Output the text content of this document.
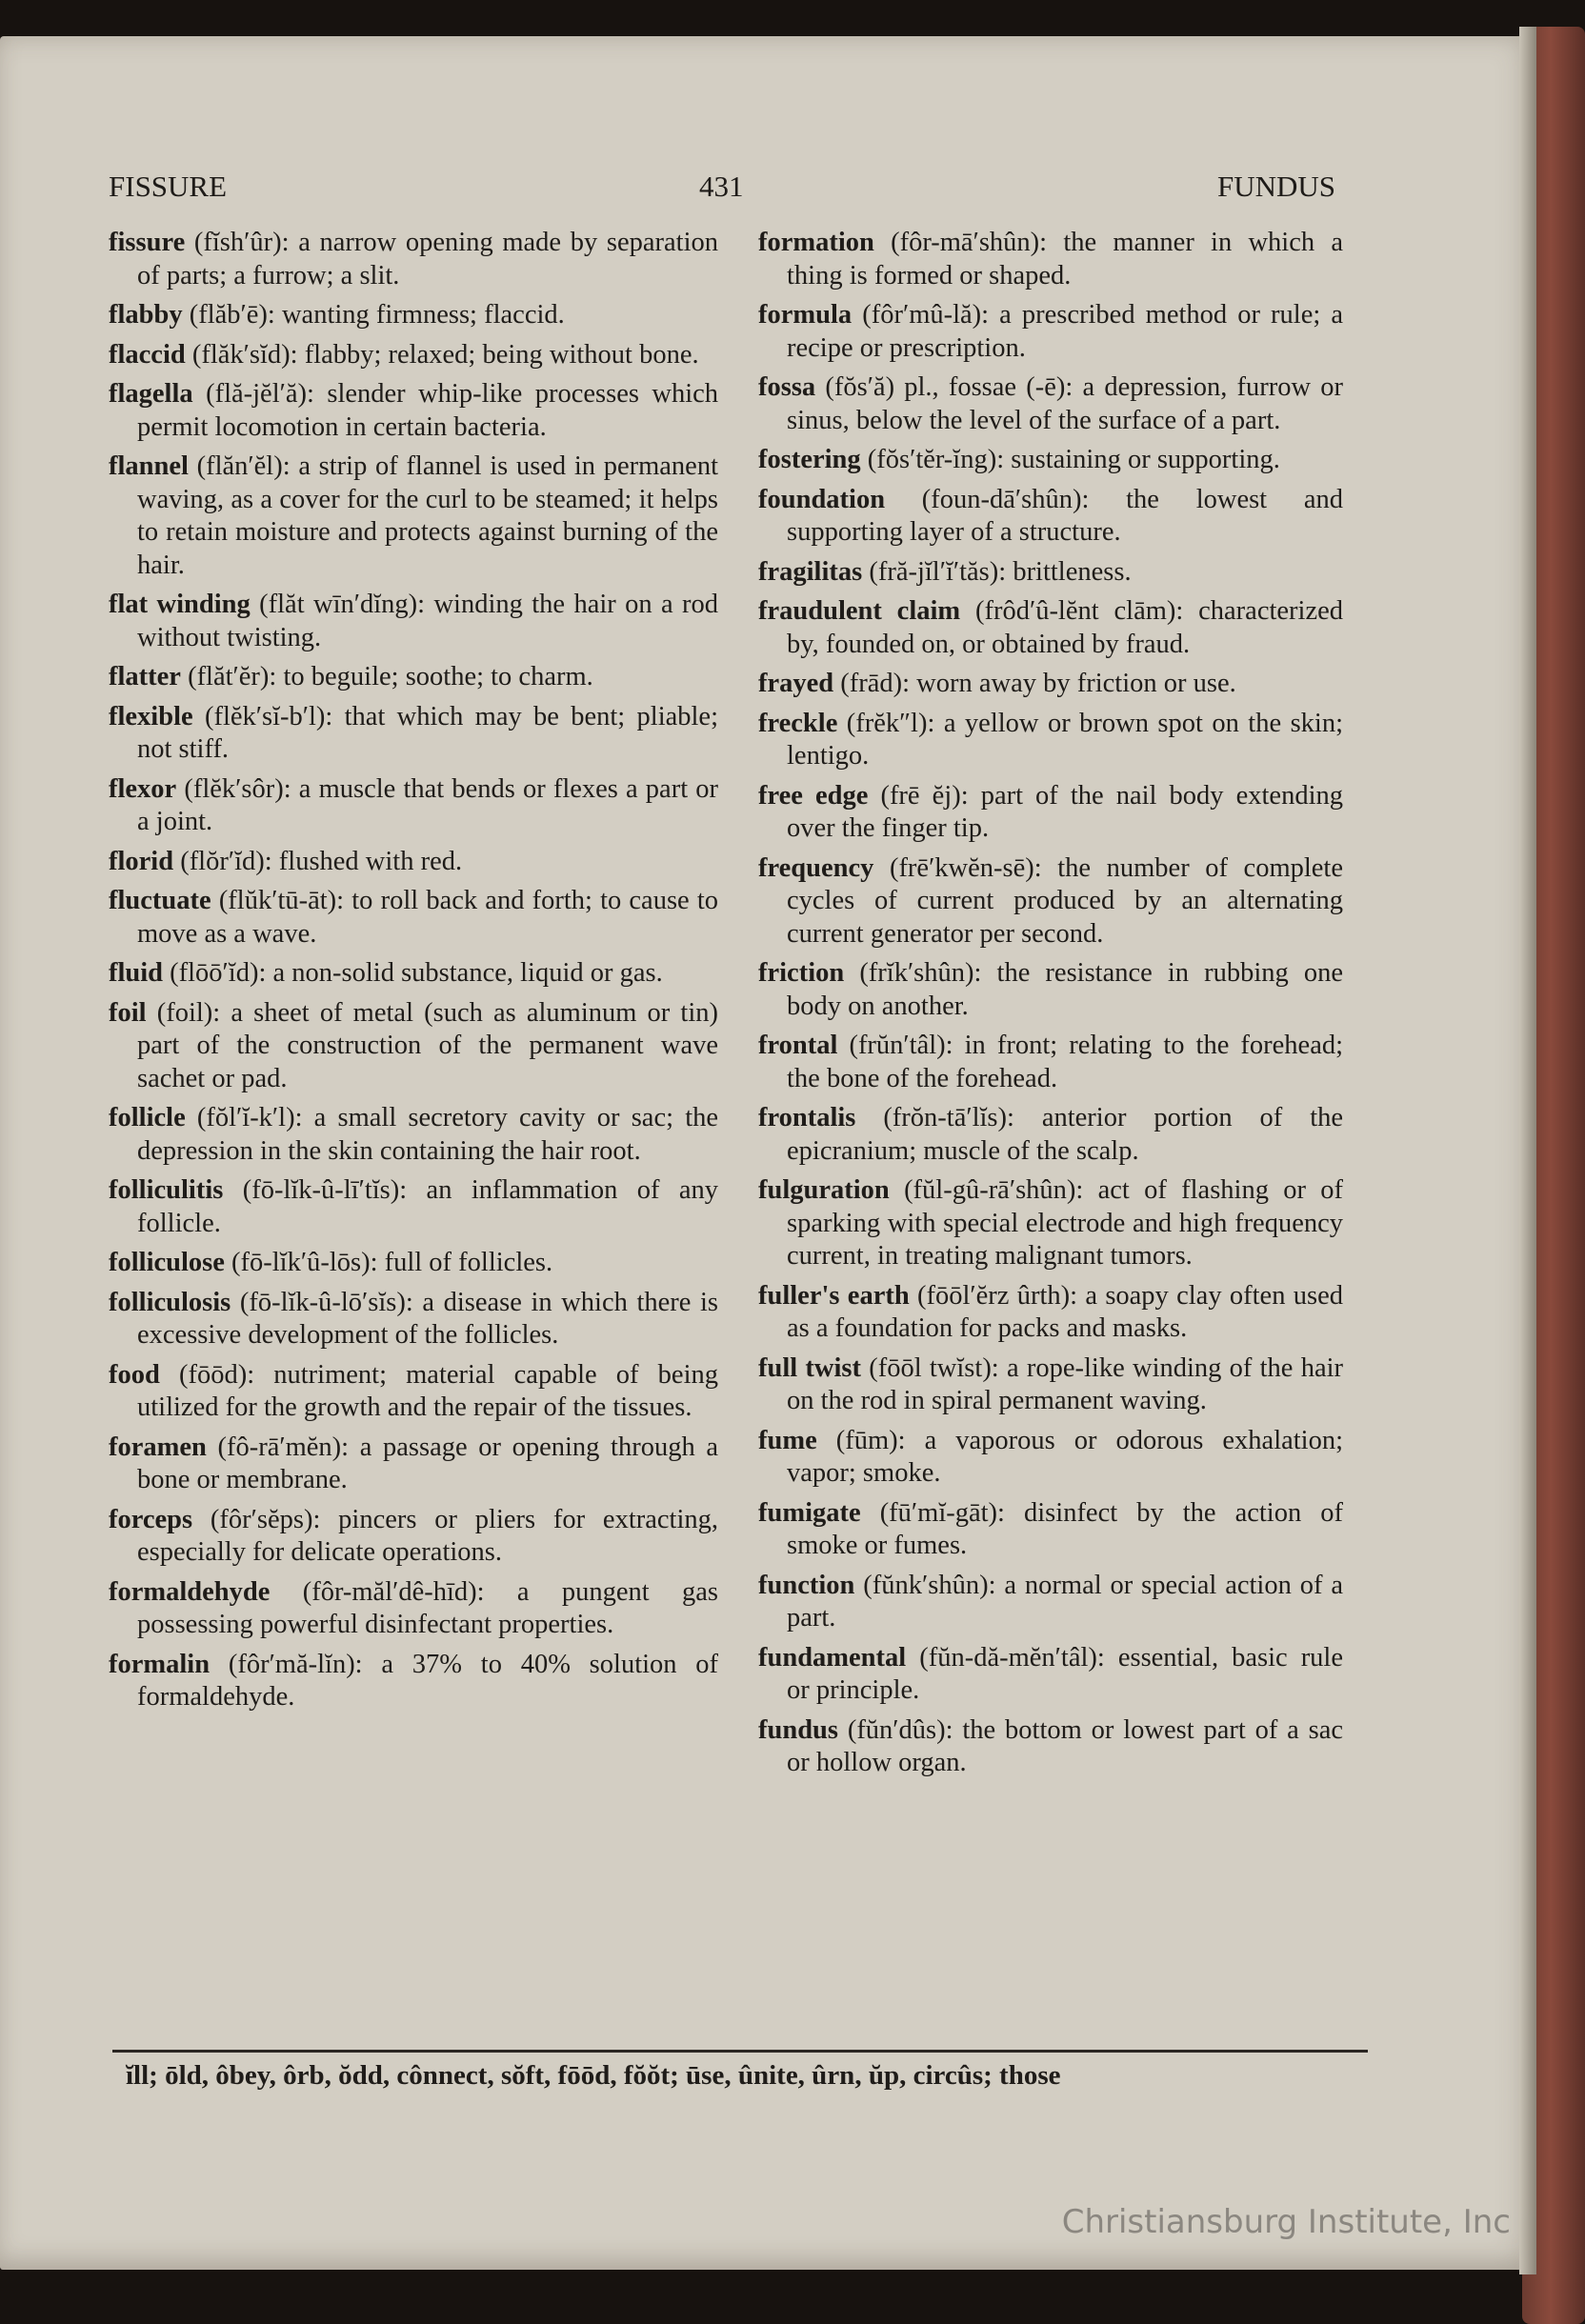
FISSURE	431	FUNDUS
fissure (fĭsh′ûr): a narrow opening made by separation of parts; a furrow; a slit.
flabby (flăb′ē): wanting firmness; flaccid.
flaccid (flăk′sĭd): flabby; relaxed; being without bone.
flagella (flă-jĕl′ă): slender whip-like processes which permit locomotion in certain bacteria.
flannel (flăn′ĕl): a strip of flannel is used in permanent waving, as a cover for the curl to be steamed; it helps to retain moisture and protects against burning of the hair.
flat winding (flăt wīn′dĭng): winding the hair on a rod without twisting.
flatter (flăt′ĕr): to beguile; soothe; to charm.
flexible (flĕk′sĭ-b′l): that which may be bent; pliable; not stiff.
flexor (flĕk′sôr): a muscle that bends or flexes a part or a joint.
florid (flŏr′ĭd): flushed with red.
fluctuate (flŭk′tū-āt): to roll back and forth; to cause to move as a wave.
fluid (flōō′ĭd): a non-solid substance, liquid or gas.
foil (foil): a sheet of metal (such as aluminum or tin) part of the construction of the permanent wave sachet or pad.
follicle (fŏl′ĭ-k′l): a small secretory cavity or sac; the depression in the skin containing the hair root.
folliculitis (fō-lĭk-û-lī′tĭs): an inflammation of any follicle.
folliculose (fō-lĭk′û-lōs): full of follicles.
folliculosis (fō-lĭk-û-lō′sĭs): a disease in which there is excessive development of the follicles.
food (fōōd): nutriment; material capable of being utilized for the growth and the repair of the tissues.
foramen (fô-rā′mĕn): a passage or opening through a bone or membrane.
forceps (fôr′sĕps): pincers or pliers for extracting, especially for delicate operations.
formaldehyde (fôr-măl′dê-hīd): a pungent gas possessing powerful disinfectant properties.
formalin (fôr′mă-lĭn): a 37% to 40% solution of formaldehyde.
formation (fôr-mā′shûn): the manner in which a thing is formed or shaped.
formula (fôr′mû-lă): a prescribed method or rule; a recipe or prescription.
fossa (fŏs′ă) pl., fossae (-ē): a depression, furrow or sinus, below the level of the surface of a part.
fostering (fŏs′tĕr-ĭng): sustaining or supporting.
foundation (foun-dā′shûn): the lowest and supporting layer of a structure.
fragilitas (fră-jĭl′ĭ′tăs): brittleness.
fraudulent claim (frôd′û-lĕnt clām): characterized by, founded on, or obtained by fraud.
frayed (frād): worn away by friction or use.
freckle (frĕk″l): a yellow or brown spot on the skin; lentigo.
free edge (frē ĕj): part of the nail body extending over the finger tip.
frequency (frē′kwĕn-sē): the number of complete cycles of current produced by an alternating current generator per second.
friction (frĭk′shûn): the resistance in rubbing one body on another.
frontal (frŭn′tâl): in front; relating to the forehead; the bone of the forehead.
frontalis (frŏn-tā′lĭs): anterior portion of the epicranium; muscle of the scalp.
fulguration (fŭl-gû-rā′shûn): act of flashing or of sparking with special electrode and high frequency current, in treating malignant tumors.
fuller's earth (fōōl′ĕrz ûrth): a soapy clay often used as a foundation for packs and masks.
full twist (fōōl twĭst): a rope-like winding of the hair on the rod in spiral permanent waving.
fume (fūm): a vaporous or odorous exhalation; vapor; smoke.
fumigate (fū′mĭ-gāt): disinfect by the action of smoke or fumes.
function (fŭnk′shûn): a normal or special action of a part.
fundamental (fŭn-dă-mĕn′tâl): essential, basic rule or principle.
fundus (fŭn′dûs): the bottom or lowest part of a sac or hollow organ.
ĭll; ōld, ôbey, ôrb, ŏdd, cônnect, sŏft, fōōd, fŏŏt; ūse, ûnite, ûrn, ŭp, circûs; those
Christiansburg Institute, Inc
